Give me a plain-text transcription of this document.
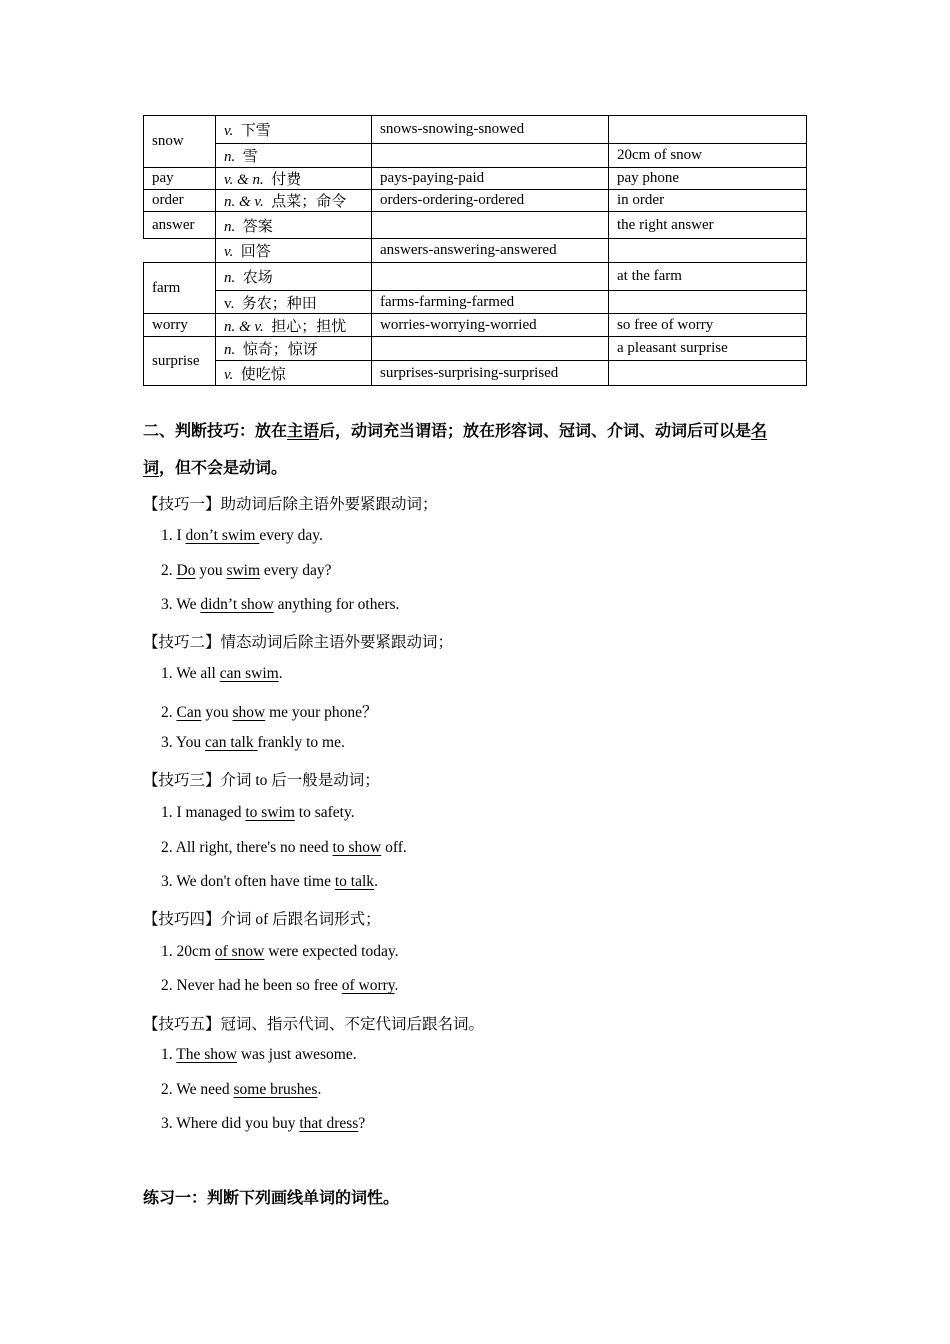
snow	v. 下雪	snows-snowing-snowed	
	n. 雪		20cm of snow
pay	v. & n. 付费	pays-paying-paid	pay phone
order	n. & v. 点菜；命令	orders-ordering-ordered	in order
answer	n. 答案		the right answer
	v. 回答	answers-answering-answered	
farm	n. 农场		at the farm
	v. 务农；种田	farms-farming-farmed	
worry	n. & v. 担心；担忧	worries-worrying-worried	so free of worry
surprise	n. 惊奇；惊讶		a pleasant surprise
	v. 使吃惊	surprises-surprising-surprised	
二、判断技巧：放在主语后，动词充当谓语；放在形容词、冠词、介词、动词后可以是名
词，但不会是动词。
【技巧一】助动词后除主语外要紧跟动词；
1. I don’t swim every day.
2. Do you swim every day?
3. We didn’t show anything for others.
【技巧二】情态动词后除主语外要紧跟动词；
1. We all can swim.
2. Can you show me your phone？
3. You can talk frankly to me.
【技巧三】介词 to 后一般是动词；
1. I managed to swim to safety.
2. All right, there's no need to show off.
3. We don't often have time to talk.
【技巧四】介词 of 后跟名词形式；
1. 20cm of snow were expected today.
2. Never had he been so free of worry.
【技巧五】冠词、指示代词、不定代词后跟名词。
1. The show was just awesome.
2. We need some brushes.
3. Where did you buy that dress?
练习一：判断下列画线单词的词性。
